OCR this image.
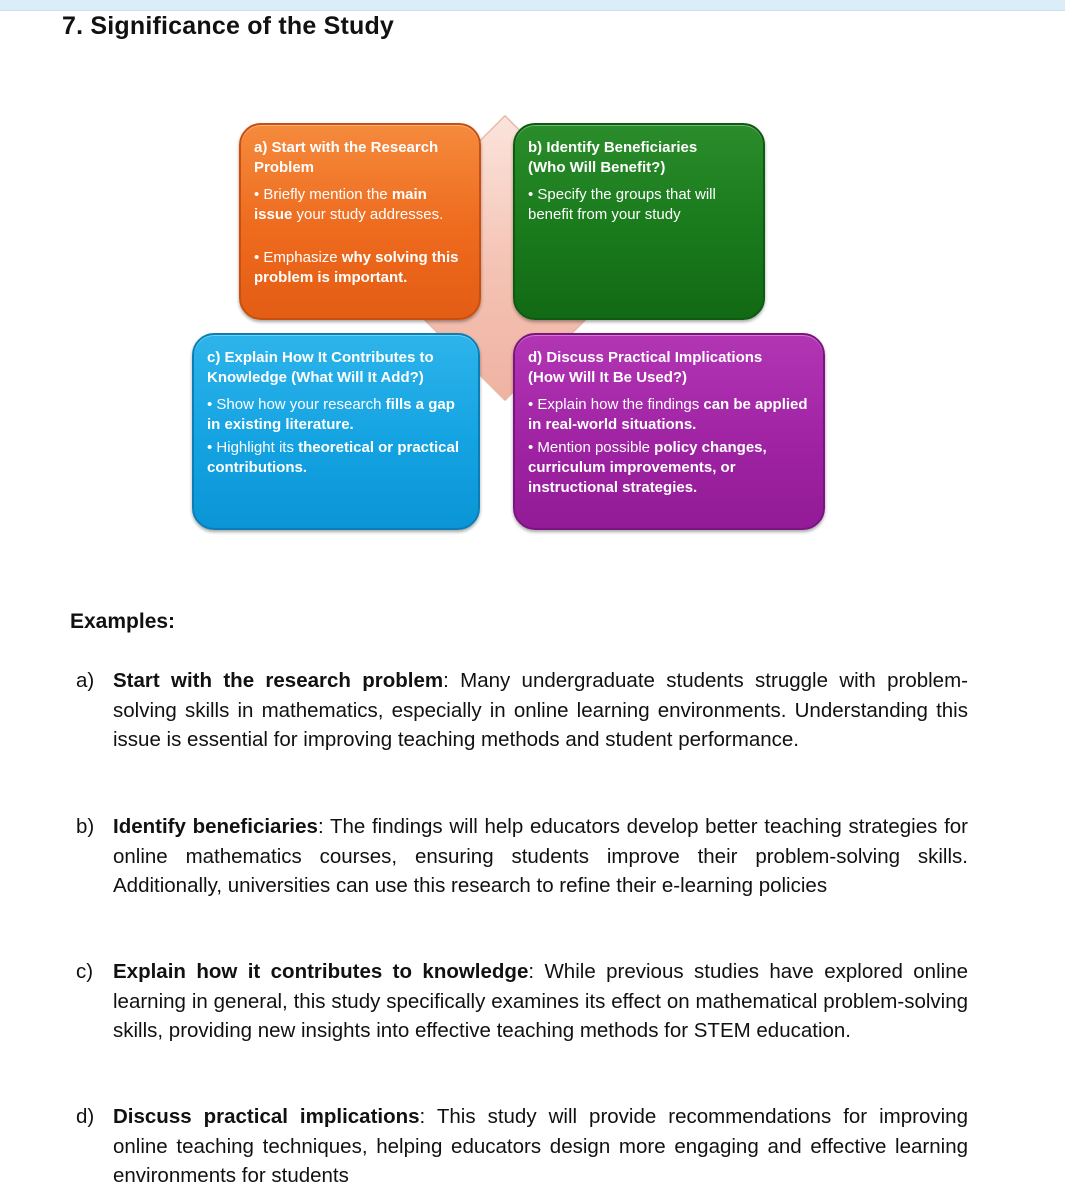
7. Significance of the Study
a) Start with the Research
Problem
• Briefly mention the main issue your study addresses.
• Emphasize why solving this problem is important.
b) Identify Beneficiaries
(Who Will Benefit?)
• Specify the groups that will benefit from your study
c) Explain How It Contributes to
Knowledge (What Will It Add?)
• Show how your research fills a gap in existing literature.
• Highlight its theoretical or practical contributions.
d) Discuss Practical Implications
(How Will It Be Used?)
• Explain how the findings can be applied in real-world situations.
• Mention possible policy changes, curriculum improvements, or instructional strategies.
Examples:
a) Start with the research problem: Many undergraduate students struggle with problem-solving skills in mathematics, especially in online learning environments. Understanding this issue is essential for improving teaching methods and student performance.
b) Identify beneficiaries: The findings will help educators develop better teaching strategies for online mathematics courses, ensuring students improve their problem-solving skills. Additionally, universities can use this research to refine their e-learning policies
c) Explain how it contributes to knowledge: While previous studies have explored online learning in general, this study specifically examines its effect on mathematical problem-solving skills, providing new insights into effective teaching methods for STEM education.
d) Discuss practical implications: This study will provide recommendations for improving online teaching techniques, helping educators design more engaging and effective learning environments for students
